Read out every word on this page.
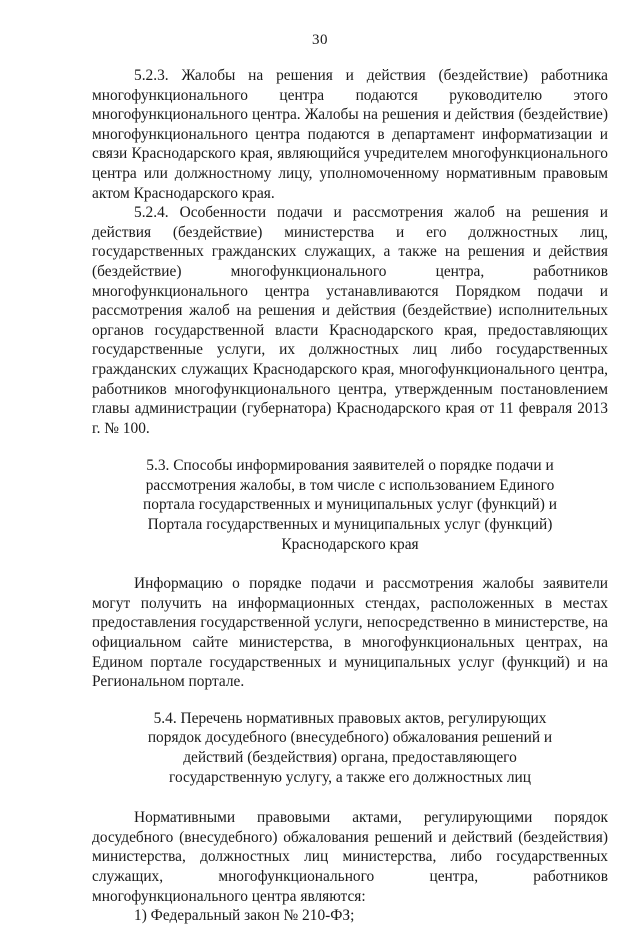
30

5.2.3. Жалобы на решения и действия (бездействие) работника многофункционального центра подаются руководителю этого многофункционального центра. Жалобы на решения и действия (бездействие) многофункционального центра подаются в департамент информатизации и связи Краснодарского края, являющийся учредителем многофункционального центра или должностному лицу, уполномоченному нормативным правовым актом Краснодарского края.

5.2.4. Особенности подачи и рассмотрения жалоб на решения и действия (бездействие) министерства и его должностных лиц, государственных гражданских служащих, а также на решения и действия (бездействие) многофункционального центра, работников многофункционального центра устанавливаются Порядком подачи и рассмотрения жалоб на решения и действия (бездействие) исполнительных органов государственной власти Краснодарского края, предоставляющих государственные услуги, их должностных лиц либо государственных гражданских служащих Краснодарского края, многофункционального центра, работников многофункционального центра, утвержденным постановлением главы администрации (губернатора) Краснодарского края от 11 февраля 2013 г. № 100.

5.3. Способы информирования заявителей о порядке подачи и рассмотрения жалобы, в том числе с использованием Единого портала государственных и муниципальных услуг (функций) и Портала государственных и муниципальных услуг (функций) Краснодарского края

Информацию о порядке подачи и рассмотрения жалобы заявители могут получить на информационных стендах, расположенных в местах предоставления государственной услуги, непосредственно в министерстве, на официальном сайте министерства, в многофункциональных центрах, на Едином портале государственных и муниципальных услуг (функций) и на Региональном портале.

5.4. Перечень нормативных правовых актов, регулирующих порядок досудебного (внесудебного) обжалования решений и действий (бездействия) органа, предоставляющего государственную услугу, а также его должностных лиц

Нормативными правовыми актами, регулирующими порядок досудебного (внесудебного) обжалования решений и действий (бездействия) министерства, должностных лиц министерства, либо государственных служащих, многофункционального центра, работников многофункционального центра являются:

1) Федеральный закон № 210-ФЗ;
